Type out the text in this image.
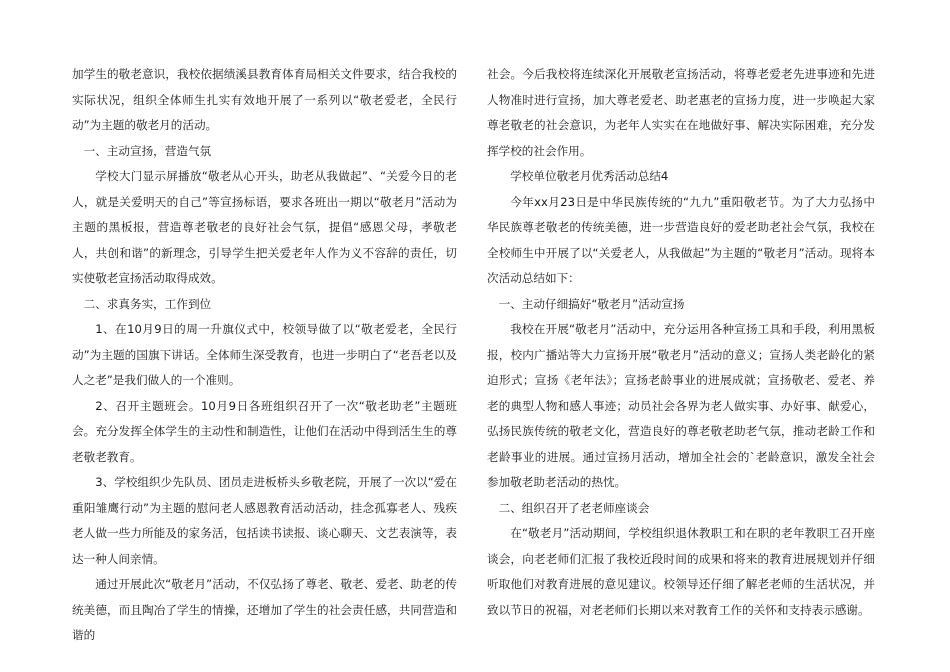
加学生的敬老意识，我校依据绩溪县教育体育局相关文件要求，结合我校的实际状况，组织全体师生扎实有效地开展了一系列以“敬老爱老，全民行动”为主题的敬老月的活动。

一、主动宣扬，营造气氛

学校大门显示屏播放“敬老从心开头，助老从我做起”、“关爱今日的老人，就是关爱明天的自己”等宣扬标语，要求各班出一期以“敬老月”活动为主题的黑板报，营造尊老敬老的良好社会气氛，提倡“感恩父母，孝敬老人，共创和谐”的新理念，引导学生把关爱老年人作为义不容辞的责任，切实使敬老宣扬活动取得成效。

二、求真务实，工作到位

1、在10月9日的周一升旗仪式中，校领导做了以“敬老爱老，全民行动”为主题的国旗下讲话。全体师生深受教育，也进一步明白了“老吾老以及人之老”是我们做人的一个准则。

2、召开主题班会。10月9日各班组织召开了一次“敬老助老”主题班会。充分发挥全体学生的主动性和制造性，让他们在活动中得到活生生的尊老敬老教育。

3、学校组织少先队员、团员走进板桥头乡敬老院，开展了一次以“爱在重阳雏鹰行动”为主题的慰问老人感恩教育活动活动，挂念孤寡老人、残疾老人做一些力所能及的家务活，包括读书读报、谈心聊天、文艺表演等，表达一种人间亲情。

通过开展此次“敬老月”活动，不仅弘扬了尊老、敬老、爱老、助老的传统美德，而且陶冶了学生的情操，还增加了学生的社会责任感，共同营造和谐的

社会。今后我校将连续深化开展敬老宣扬活动，将尊老爱老先进事迹和先进人物准时进行宣扬，加大尊老爱老、助老惠老的宣扬力度，进一步唤起大家尊老敬老的社会意识，为老年人实实在在地做好事、解决实际困难，充分发挥学校的社会作用。

学校单位敬老月优秀活动总结4

今年xx月23日是中华民族传统的“九九”重阳敬老节。为了大力弘扬中华民族尊老敬老的传统美德，进一步营造良好的爱老助老社会气氛，我校在全校师生中开展了以“关爱老人，从我做起”为主题的“敬老月”活动。现将本次活动总结如下：

一、主动仔细搞好“敬老月”活动宣扬

我校在开展“敬老月”活动中，充分运用各种宣扬工具和手段，利用黑板报，校内广播站等大力宣扬开展“敬老月”活动的意义；宣扬人类老龄化的紧迫形式；宣扬《老年法》；宣扬老龄事业的进展成就；宣扬敬老、爱老、养老的典型人物和感人事迹；动员社会各界为老人做实事、办好事、献爱心，弘扬民族传统的敬老文化，营造良好的尊老敬老助老气氛，推动老龄工作和老龄事业的进展。通过宣扬月活动，增加全社会的`老龄意识，激发全社会参加敬老助老活动的热忱。

二、组织召开了老老师座谈会

在“敬老月”活动期间，学校组织退休教职工和在职的老年教职工召开座谈会，向老老师们汇报了我校近段时间的成果和将来的教育进展规划并仔细听取他们对教育进展的意见建议。校领导还仔细了解老老师的生活状况，并致以节日的祝福，对老老师们长期以来对教育工作的关怀和支持表示感谢。
